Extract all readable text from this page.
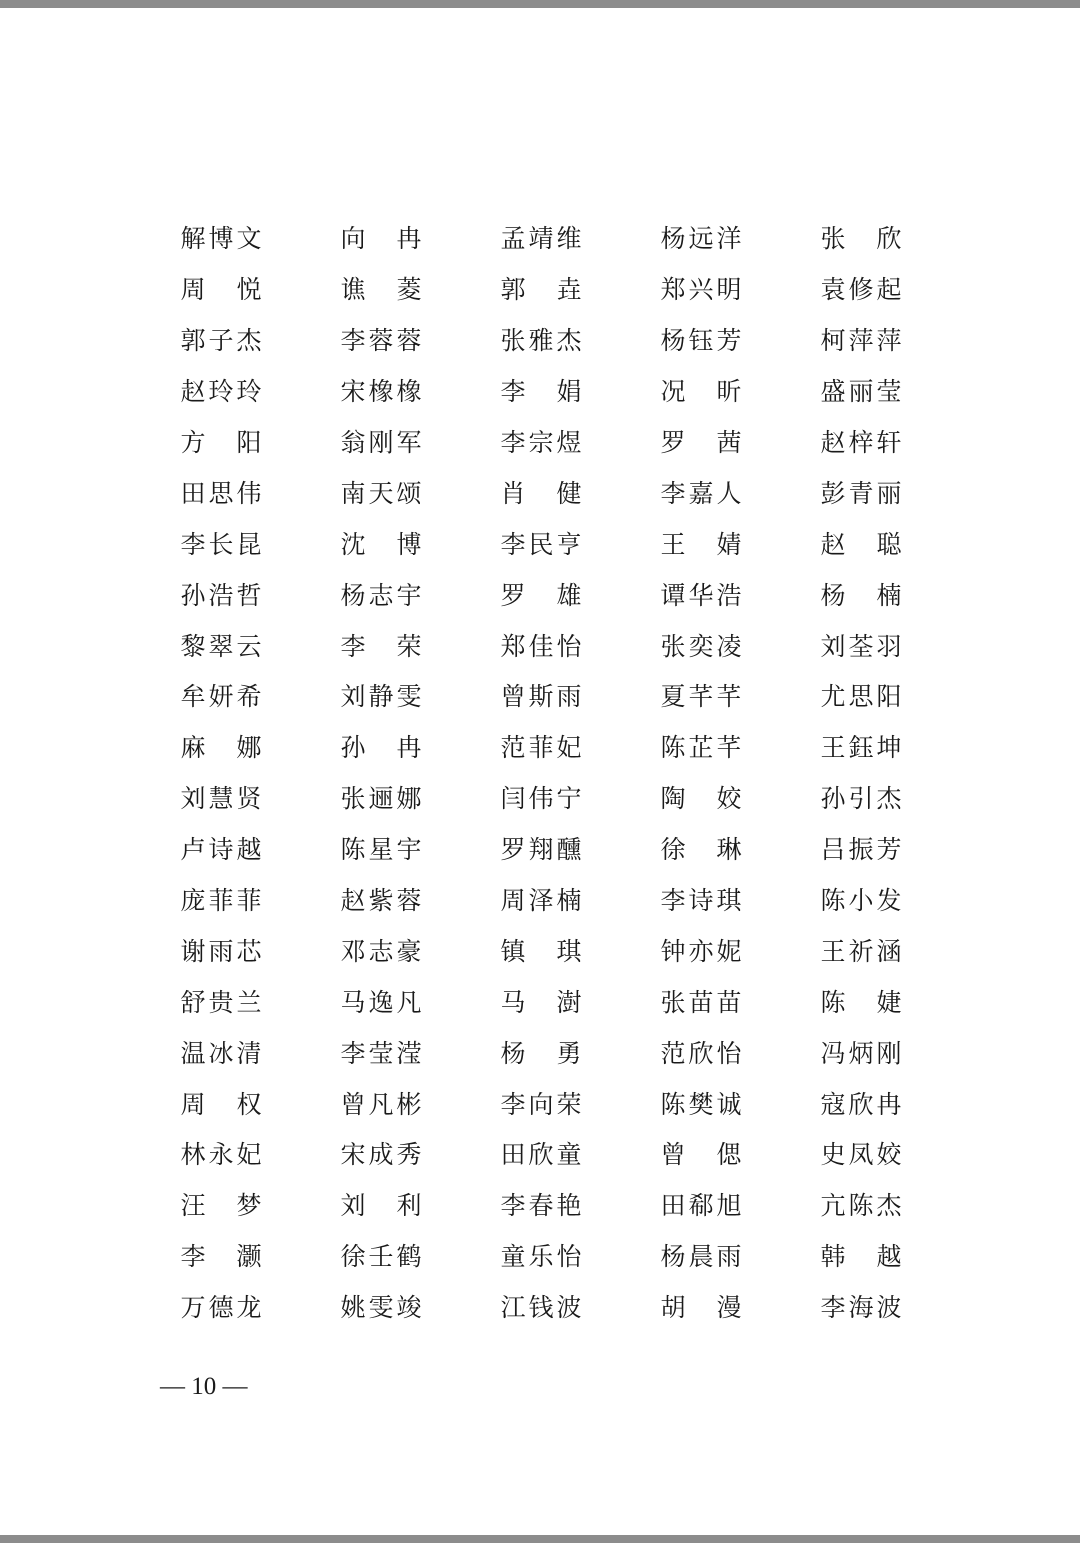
解 博 文	向 冉	孟 靖 维	杨 远 洋	张 欣
周 悦	谯 菱	郭 垚	郑 兴 明	袁 修 起
郭 子 杰	李 蓉 蓉	张 雅 杰	杨 钰 芳	柯 萍 萍
赵 玲 玲	宋 橡 橡	李 娟	况 昕	盛 丽 莹
方 阳	翁 刚 军	李 宗 煜	罗 茜	赵 梓 轩
田 思 伟	南 天 颂	肖 健	李 嘉 人	彭 青 丽
李 长 昆	沈 博	李 民 亨	王 婧	赵 聪
孙 浩 哲	杨 志 宇	罗 雄	谭 华 浩	杨 楠
黎 翠 云	李 荣	郑 佳 怡	张 奕 凌	刘 荃 羽
牟 妍 希	刘 静 雯	曾 斯 雨	夏 芊 芊	尤 思 阳
麻 娜	孙 冉	范 菲 妃	陈 芷 芊	王 鈺 坤
刘 慧 贤	张 逦 娜	闫 伟 宁	陶 姣	孙 引 杰
卢 诗 越	陈 星 宇	罗 翔 醺	徐 琳	吕 振 芳
庞 菲 菲	赵 紫 蓉	周 泽 楠	李 诗 琪	陈 小 发
谢 雨 芯	邓 志 豪	镇 琪	钟 亦 妮	王 祈 涵
舒 贵 兰	马 逸 凡	马 澍	张 苗 苗	陈 婕
温 冰 清	李 莹 滢	杨 勇	范 欣 怡	冯 炳 刚
周 权	曾 凡 彬	李 向 荣	陈 樊 诚	寇 欣 冉
林 永 妃	宋 成 秀	田 欣 童	曾 偲	史 凤 姣
汪 梦	刘 利	李 春 艳	田 郗 旭	亢 陈 杰
李 灏	徐 壬 鹤	童 乐 怡	杨 晨 雨	韩 越
万 德 龙	姚 雯 竣	江 钱 波	胡 漫	李 海 波
— 10 —
